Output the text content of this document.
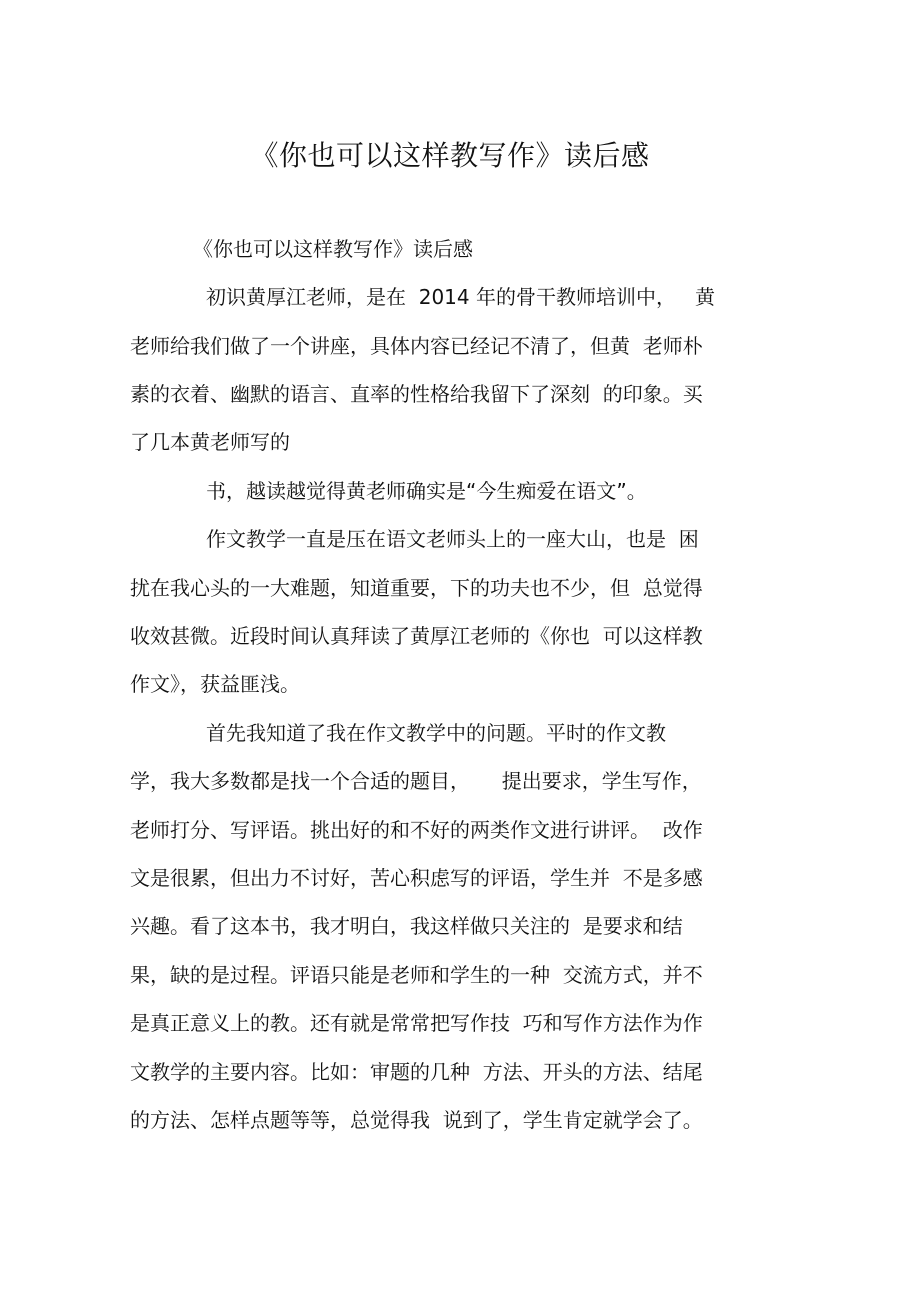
《你也可以这样教写作》读后感
《你也可以这样教写作》读后感
初识黄厚江老师，是在  2014 年的骨干教师培训中，   黄
老师给我们做了一个讲座，具体内容已经记不清了，但黄  老师朴
素的衣着、幽默的语言、直率的性格给我留下了深刻  的印象。买
了几本黄老师写的
书，越读越觉得黄老师确实是“今生痴爱在语文”。
作文教学一直是压在语文老师头上的一座大山，也是  困
扰在我心头的一大难题，知道重要，下的功夫也不少，但  总觉得
收效甚微。近段时间认真拜读了黄厚江老师的《你也  可以这样教
作文》，获益匪浅。
首先我知道了我在作文教学中的问题。平时的作文教
学，我大多数都是找一个合适的题目，     提出要求，学生写作，
老师打分、写评语。挑出好的和不好的两类作文进行讲评。  改作
文是很累，但出力不讨好，苦心积虑写的评语，学生并  不是多感
兴趣。看了这本书，我才明白，我这样做只关注的  是要求和结
果，缺的是过程。评语只能是老师和学生的一种  交流方式，并不
是真正意义上的教。还有就是常常把写作技  巧和写作方法作为作
文教学的主要内容。比如：审题的几种  方法、开头的方法、结尾
的方法、怎样点题等等，总觉得我  说到了，学生肯定就学会了。
